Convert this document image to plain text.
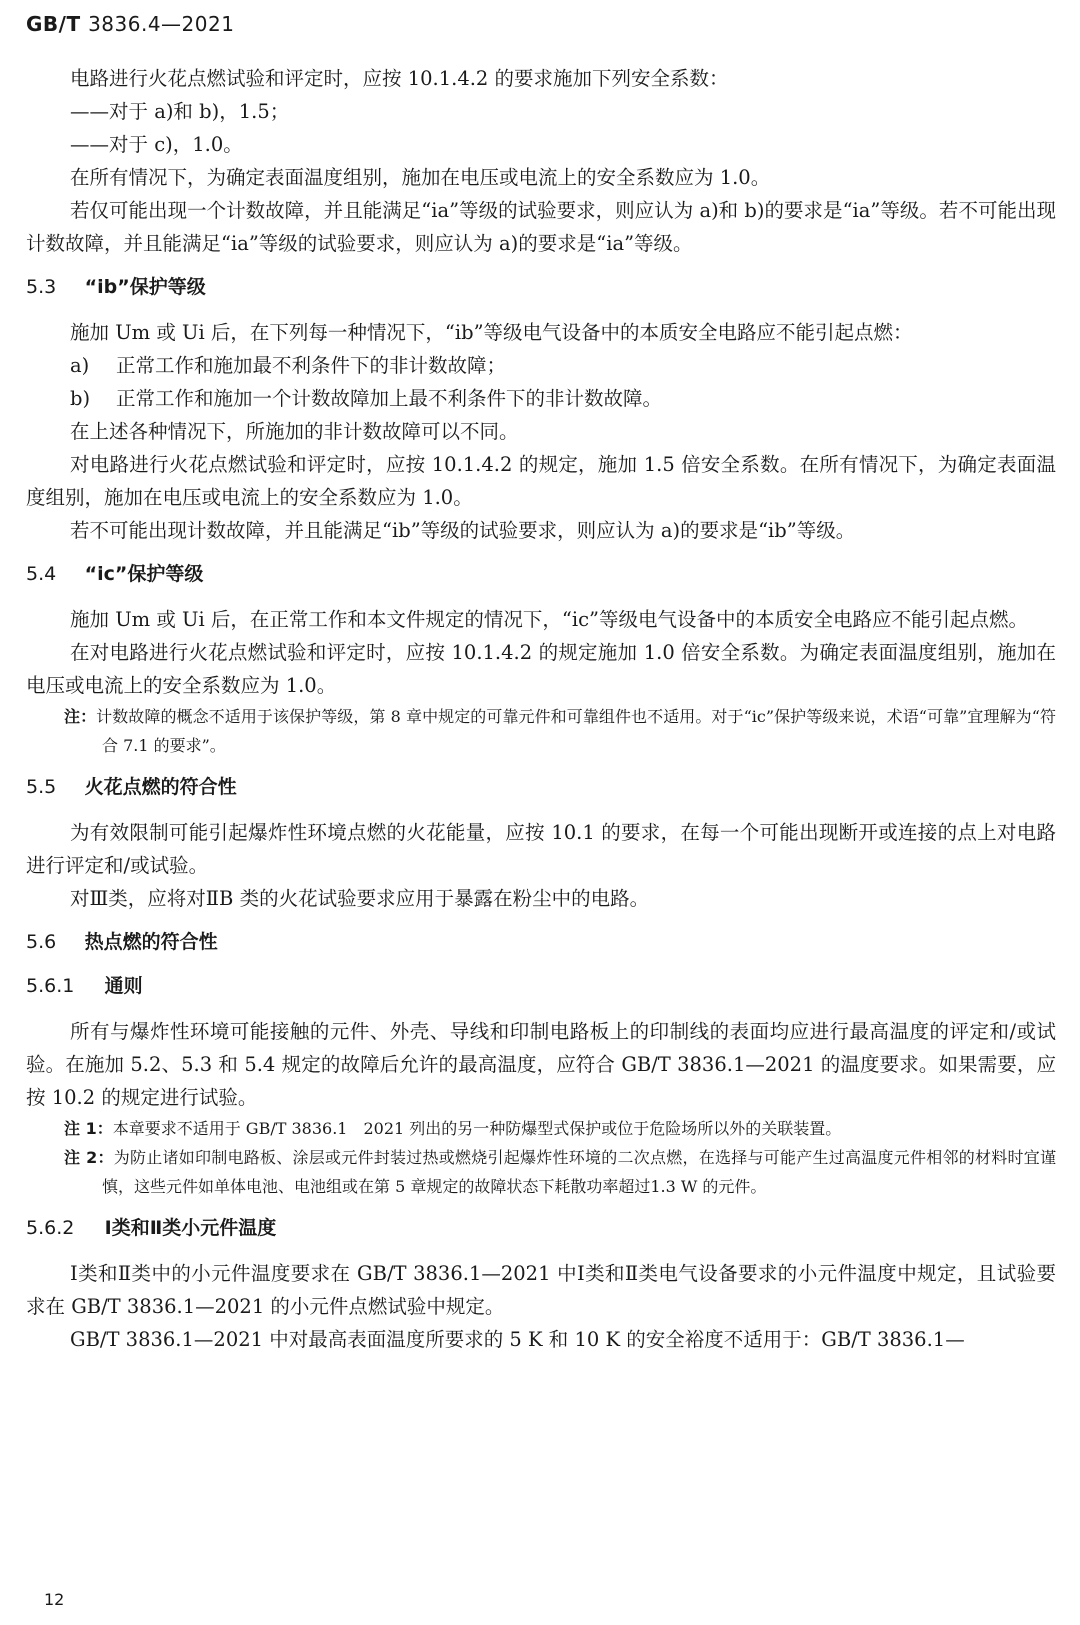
GB/T 3836.4—2021

电路进行火花点燃试验和评定时，应按 10.1.4.2 的要求施加下列安全系数：

——对于 a)和 b)，1.5；

——对于 c)，1.0。

在所有情况下，为确定表面温度组别，施加在电压或电流上的安全系数应为 1.0。

若仅可能出现一个计数故障，并且能满足“ia”等级的试验要求，则应认为 a)和 b)的要求是“ia”等级。若不可能出现计数故障，并且能满足“ia”等级的试验要求，则应认为 a)的要求是“ia”等级。

5.3 “ib”保护等级

施加 Um 或 Ui 后，在下列每一种情况下，“ib”等级电气设备中的本质安全电路应不能引起点燃：

a) 正常工作和施加最不利条件下的非计数故障；

b) 正常工作和施加一个计数故障加上最不利条件下的非计数故障。

在上述各种情况下，所施加的非计数故障可以不同。

对电路进行火花点燃试验和评定时，应按 10.1.4.2 的规定，施加 1.5 倍安全系数。在所有情况下，为确定表面温度组别，施加在电压或电流上的安全系数应为 1.0。

若不可能出现计数故障，并且能满足“ib”等级的试验要求，则应认为 a)的要求是“ib”等级。

5.4 “ic”保护等级

施加 Um 或 Ui 后，在正常工作和本文件规定的情况下，“ic”等级电气设备中的本质安全电路应不能引起点燃。

在对电路进行火花点燃试验和评定时，应按 10.1.4.2 的规定施加 1.0 倍安全系数。为确定表面温度组别，施加在电压或电流上的安全系数应为 1.0。

注：计数故障的概念不适用于该保护等级，第 8 章中规定的可靠元件和可靠组件也不适用。对于“ic”保护等级来说，术语“可靠”宜理解为“符合 7.1 的要求”。

5.5 火花点燃的符合性

为有效限制可能引起爆炸性环境点燃的火花能量，应按 10.1 的要求，在每一个可能出现断开或连接的点上对电路进行评定和/或试验。

对Ⅲ类，应将对ⅡB 类的火花试验要求应用于暴露在粉尘中的电路。

5.6 热点燃的符合性
5.6.1 通则

所有与爆炸性环境可能接触的元件、外壳、导线和印制电路板上的印制线的表面均应进行最高温度的评定和/或试验。在施加 5.2、5.3 和 5.4 规定的故障后允许的最高温度，应符合 GB/T 3836.1—2021 的温度要求。如果需要，应按 10.2 的规定进行试验。

注 1：本章要求不适用于 GB/T 3836.1　2021 列出的另一种防爆型式保护或位于危险场所以外的关联装置。

注 2：为防止诸如印制电路板、涂层或元件封装过热或燃烧引起爆炸性环境的二次点燃，在选择与可能产生过高温度元件相邻的材料时宜谨慎，这些元件如单体电池、电池组或在第 5 章规定的故障状态下耗散功率超过1.3 W 的元件。

5.6.2 Ⅰ类和Ⅱ类小元件温度

Ⅰ类和Ⅱ类中的小元件温度要求在 GB/T 3836.1—2021 中Ⅰ类和Ⅱ类电气设备要求的小元件温度中规定，且试验要求在 GB/T 3836.1—2021 的小元件点燃试验中规定。

GB/T 3836.1—2021 中对最高表面温度所要求的 5 K 和 10 K 的安全裕度不适用于：GB/T 3836.1—

12
